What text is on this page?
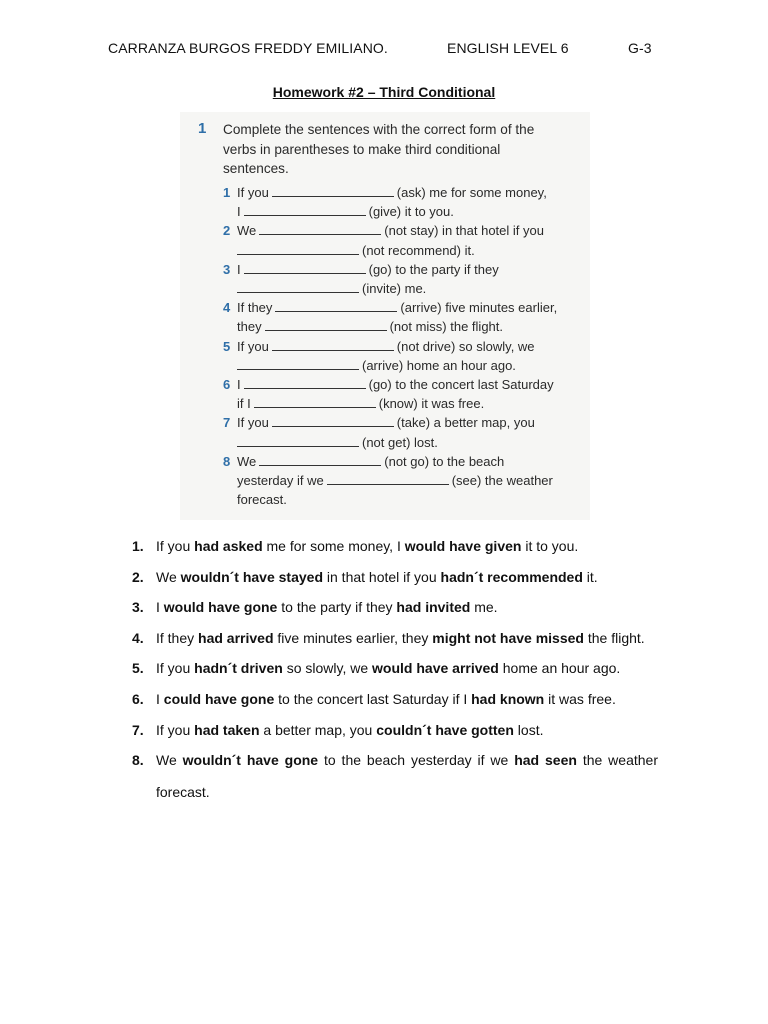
CARRANZA BURGOS FREDDY EMILIANO.	ENGLISH LEVEL 6	G-3
Homework #2 – Third Conditional
1 Complete the sentences with the correct form of the verbs in parentheses to make third conditional sentences.
1 If you	(ask) me for some money,
I	(give) it to you.
2 We	(not stay) in that hotel if you
(not recommend) it.
3 I	(go) to the party if they
(invite) me.
4 If they	(arrive) five minutes earlier,
they	(not miss) the flight.
5 If you	(not drive) so slowly, we
(arrive) home an hour ago.
6 I	(go) to the concert last Saturday
if I	(know) it was free.
7 If you	(take) a better map, you
(not get) lost.
8 We	(not go) to the beach
yesterday if we	(see) the weather
forecast.
1. If you had asked me for some money, I would have given it to you.
2. We wouldn´t have stayed in that hotel if you hadn´t recommended it.
3. I would have gone to the party if they had invited me.
4. If they had arrived five minutes earlier, they might not have missed the flight.
5. If you hadn´t driven so slowly, we would have arrived home an hour ago.
6. I could have gone to the concert last Saturday if I had known it was free.
7. If you had taken a better map, you couldn´t have gotten lost.
8. We wouldn´t have gone to the beach yesterday if we had seen the weather forecast.
